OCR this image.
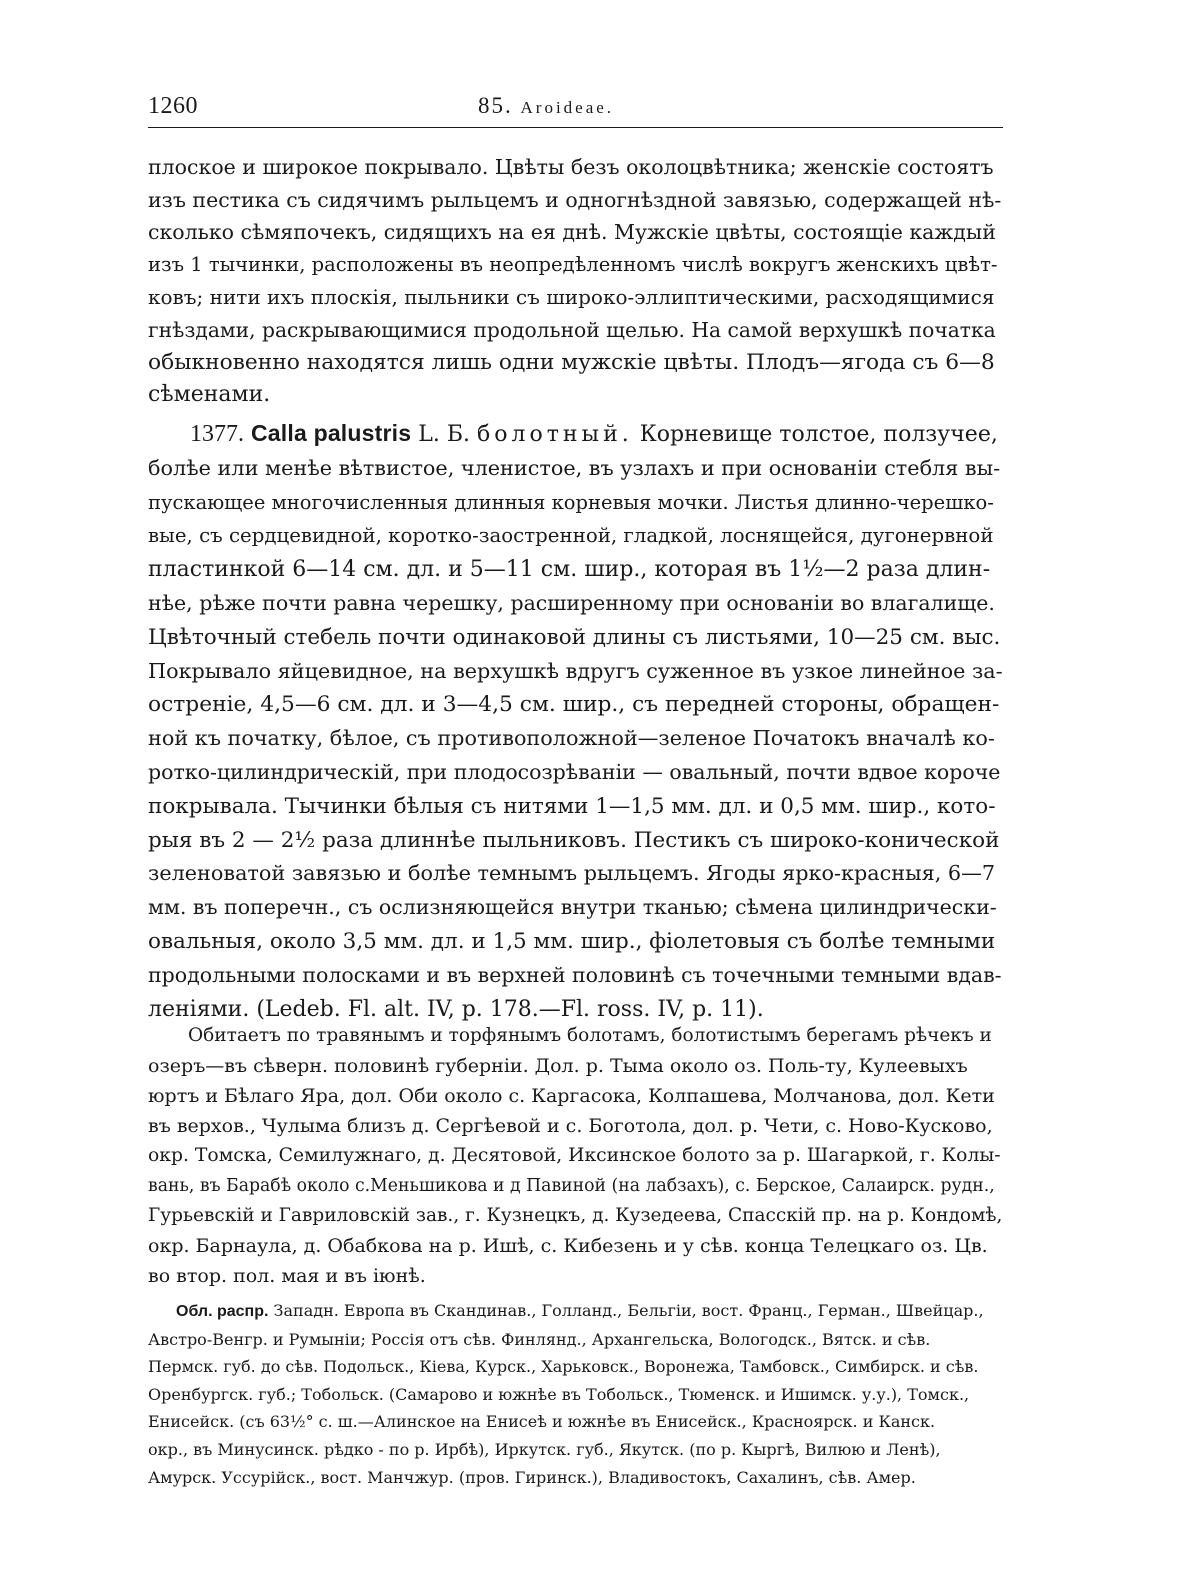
1260	85. Aroideae.
плоское и широкое покрывало. Цвѣты безъ околоцвѣтника; женскіе состоятъ
изъ пестика съ сидячимъ рыльцемъ и одногнѣздной завязью, содержащей нѣ-
сколько сѣмяпочекъ, сидящихъ на ея днѣ. Мужскіе цвѣты, состоящіе каждый
изъ 1 тычинки, расположены въ неопредѣленномъ числѣ вокругъ женскихъ цвѣт-
ковъ; нити ихъ плоскія, пыльники съ широко-эллиптическими, расходящимися
гнѣздами, раскрывающимися продольной щелью. На самой верхушкѣ початка
обыкновенно находятся лишь одни мужскіе цвѣты. Плодъ—ягода съ 6—8
сѣменами.
1377. Calla palustris L. Б. болотный. Корневище толстое, ползучее,
болѣе или менѣе вѣтвистое, членистое, въ узлахъ и при основаніи стебля вы-
пускающее многочисленныя длинныя корневыя мочки. Листья длинно-черешко-
вые, съ сердцевидной, коротко-заостренной, гладкой, лоснящейся, дугонервной
пластинкой 6—14 см. дл. и 5—11 см. шир., которая въ 1½—2 раза длин-
нѣе, рѣже почти равна черешку, расширенному при основаніи во влагалище.
Цвѣточный стебель почти одинаковой длины съ листьями, 10—25 см. выс.
Покрывало яйцевидное, на верхушкѣ вдругъ суженное въ узкое линейное за-
остреніе, 4,5—6 см. дл. и 3—4,5 см. шир., съ передней стороны, обращен-
ной къ початку, бѣлое, съ противоположной—зеленое Початокъ вначалѣ ко-
ротко-цилиндрическій, при плодосозрѣваніи — овальный, почти вдвое короче
покрывала. Тычинки бѣлыя съ нитями 1—1,5 мм. дл. и 0,5 мм. шир., кото-
рыя въ 2 — 2½ раза длиннѣе пыльниковъ. Пестикъ съ широко-конической
зеленоватой завязью и болѣе темнымъ рыльцемъ. Ягоды ярко-красныя, 6—7
мм. въ поперечн., съ ослизняющейся внутри тканью; сѣмена цилиндрически-
овальныя, около 3,5 мм. дл. и 1,5 мм. шир., фіолетовыя съ болѣе темными
продольными полосками и въ верхней половинѣ съ точечными темными вдав-
леніями. (Ledeb. Fl. alt. IV, p. 178.—Fl. ross. IV, p. 11).
Обитаетъ по травянымъ и торфянымъ болотамъ, болотистымъ берегамъ рѣчекъ и
озеръ—въ сѣверн. половинѣ губерніи. Дол. р. Тыма около оз. Поль-ту, Кулеевыхъ
юртъ и Бѣлаго Яра, дол. Оби около с. Каргасока, Колпашева, Молчанова, дол. Кети
въ верхов., Чулыма близъ д. Сергѣевой и с. Боготола, дол. р. Чети, с. Ново-Кусково,
окр. Томска, Семилужнаго, д. Десятовой, Иксинское болото за р. Шагаркой, г. Колы-
вань, въ Барабѣ около с.Меньшикова и д Павиной (на лабзахъ), с. Берское, Салаирск. рудн.,
Гурьевскій и Гавриловскій зав., г. Кузнецкъ, д. Кузедеева, Спасскій пр. на р. Кондомѣ,
окр. Барнаула, д. Обабкова на р. Ишѣ, с. Кибезень и у сѣв. конца Телецкаго оз. Цв.
во втор. пол. мая и въ іюнѣ.
Обл. распр. Западн. Европа въ Скандинав., Голланд., Бельгіи, вост. Франц., Герман., Швейцар.,
Австро-Венгр. и Румыніи; Россія отъ сѣв. Финлянд., Архангельска, Вологодск., Вятск. и сѣв.
Пермск. губ. до сѣв. Подольск., Кіева, Курск., Харьковск., Воронежа, Тамбовск., Симбирск. и сѣв.
Оренбургск. губ.; Тобольск. (Самарово и южнѣе въ Тобольск., Тюменск. и Ишимск. у.у.), Томск.,
Енисейск. (съ 63½° с. ш.—Алинское на Енисеѣ и южнѣе въ Енисейск., Красноярск. и Канск.
окр., въ Минусинск. рѣдко - по р. Ирбѣ), Иркутск. губ., Якутск. (по р. Кыргѣ, Вилюю и Ленѣ),
Амурск. Уссурійск., вост. Манчжур. (пров. Гиринск.), Владивостокъ, Сахалинъ, сѣв. Амер.
